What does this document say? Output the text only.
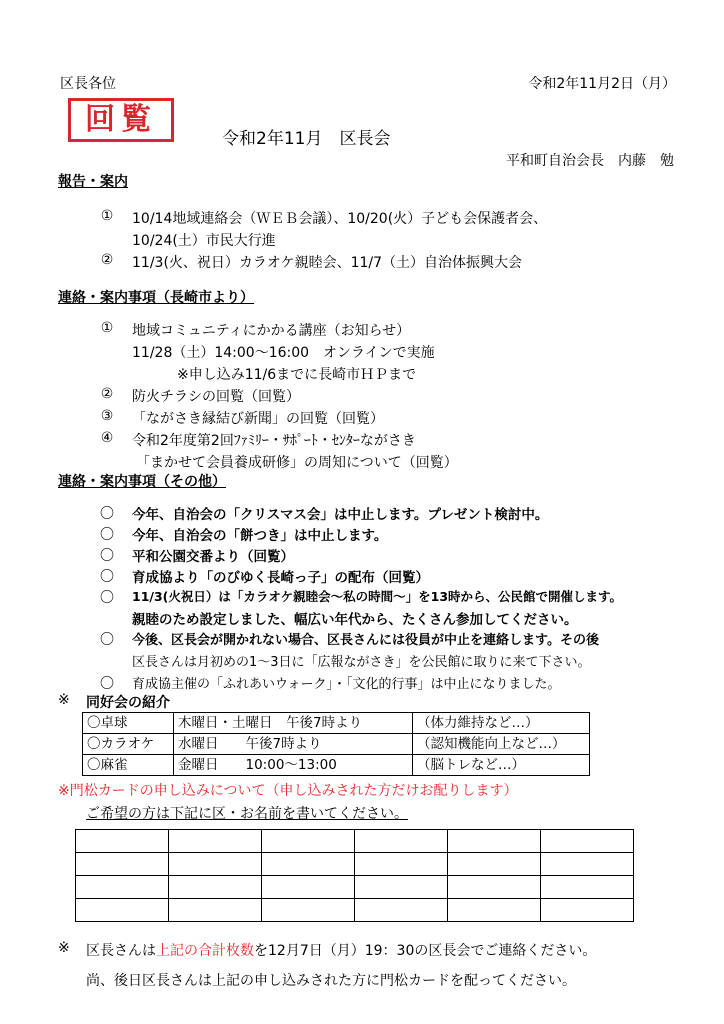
区長各位	令和2年11月2日（月）
回覧
令和2年11月　区長会
平和町自治会長　内藤　勉
報告・案内
①	10/14地域連絡会（ＷＥＢ会議）、10/20(火）子ども会保護者会、
10/24(土）市民大行進
②	11/3(火、祝日）カラオケ親睦会、11/7（土）自治体振興大会
連絡・案内事項（長崎市より）
①	地域コミュニティにかかる講座（お知らせ）
11/28（土）14:00～16:00　オンラインで実施
※申し込み11/6までに長崎市ＨＰまで
②	防火チラシの回覧（回覧）
③	「ながさき縁結び新聞」の回覧（回覧）
④	令和2年度第2回ﾌｧﾐﾘｰ・ｻﾎﾟｰﾄ・ｾﾝﾀｰながさき
「まかせて会員養成研修」の周知について（回覧）
連絡・案内事項（その他）
〇	今年、自治会の「クリスマス会」は中止します。プレゼント検討中。
〇	今年、自治会の「餅つき」は中止します。
〇	平和公園交番より（回覧）
〇	育成協より「のびゆく長崎っ子」の配布（回覧）
〇	11/3(火祝日）は「カラオケ親睦会～私の時間～」を13時から、公民館で開催します。
親睦のため設定しました、幅広い年代から、たくさん参加してください。
〇	今後、区長会が開かれない場合、区長さんには役員が中止を連絡します。その後
区長さんは月初めの1～3日に「広報ながさき」を公民館に取りに来て下さい。
〇	育成協主催の「ふれあいウォーク」・「文化的行事」は中止になりました。
※ 同好会の紹介
〇卓球	木曜日・土曜日　午後7時より	（体力維持など…）
〇カラオケ	水曜日　　午後7時より	（認知機能向上など…）
〇麻雀	金曜日　　10:00～13:00	（脳トレなど…）
※門松カードの申し込みについて（申し込みされた方だけお配りします）
ご希望の方は下記に区・お名前を書いてください。

※ 区長さんは上記の合計枚数を12月7日（月）19：30の区長会でご連絡ください。
尚、後日区長さんは上記の申し込みされた方に門松カードを配ってください。
